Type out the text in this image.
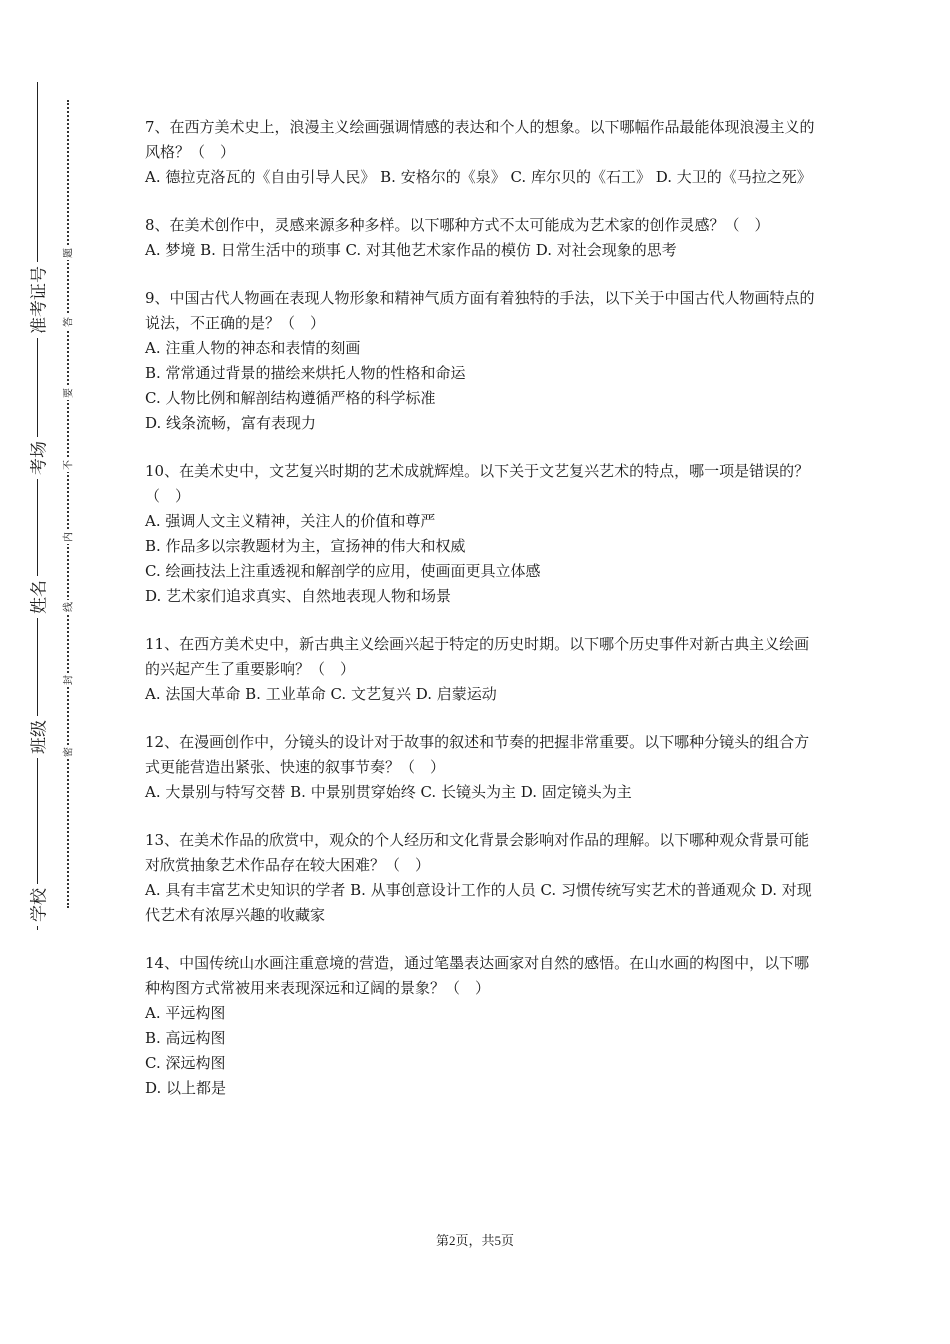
准考证号
考场
姓名
班级
学校
题
答
要
不
内
线
封
密

7、在西方美术史上，浪漫主义绘画强调情感的表达和个人的想象。以下哪幅作品最能体现浪漫主义的风格？（　）

A. 德拉克洛瓦的《自由引导人民》 B. 安格尔的《泉》 C. 库尔贝的《石工》 D. 大卫的《马拉之死》

8、在美术创作中，灵感来源多种多样。以下哪种方式不太可能成为艺术家的创作灵感？（　）

A. 梦境 B. 日常生活中的琐事 C. 对其他艺术家作品的模仿 D. 对社会现象的思考

9、中国古代人物画在表现人物形象和精神气质方面有着独特的手法，以下关于中国古代人物画特点的说法，不正确的是？（　）

A. 注重人物的神态和表情的刻画

B. 常常通过背景的描绘来烘托人物的性格和命运

C. 人物比例和解剖结构遵循严格的科学标准

D. 线条流畅，富有表现力

10、在美术史中，文艺复兴时期的艺术成就辉煌。以下关于文艺复兴艺术的特点，哪一项是错误的？（　）

A. 强调人文主义精神，关注人的价值和尊严

B. 作品多以宗教题材为主，宣扬神的伟大和权威

C. 绘画技法上注重透视和解剖学的应用，使画面更具立体感

D. 艺术家们追求真实、自然地表现人物和场景

11、在西方美术史中，新古典主义绘画兴起于特定的历史时期。以下哪个历史事件对新古典主义绘画的兴起产生了重要影响？（　）

A. 法国大革命 B. 工业革命 C. 文艺复兴 D. 启蒙运动

12、在漫画创作中，分镜头的设计对于故事的叙述和节奏的把握非常重要。以下哪种分镜头的组合方式更能营造出紧张、快速的叙事节奏？（　）

A. 大景别与特写交替 B. 中景别贯穿始终 C. 长镜头为主 D. 固定镜头为主

13、在美术作品的欣赏中，观众的个人经历和文化背景会影响对作品的理解。以下哪种观众背景可能对欣赏抽象艺术作品存在较大困难？（　）

A. 具有丰富艺术史知识的学者 B. 从事创意设计工作的人员 C. 习惯传统写实艺术的普通观众 D. 对现代艺术有浓厚兴趣的收藏家

14、中国传统山水画注重意境的营造，通过笔墨表达画家对自然的感悟。在山水画的构图中，以下哪种构图方式常被用来表现深远和辽阔的景象？（　）

A. 平远构图

B. 高远构图

C. 深远构图

D. 以上都是

第2页，共5页
